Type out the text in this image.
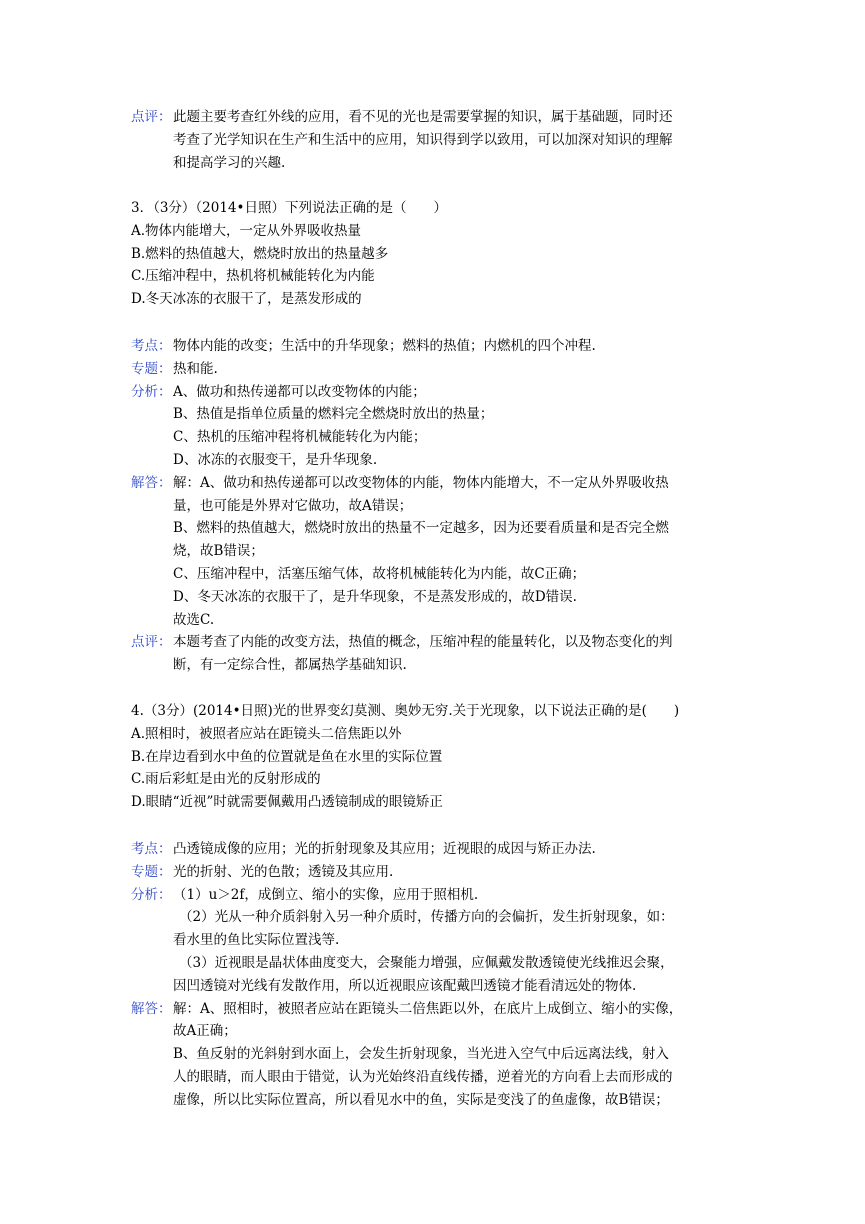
点评： 此题主要考查红外线的应用，看不见的光也是需要掌握的知识，属于基础题，同时还
考查了光学知识在生产和生活中的应用，知识得到学以致用，可以加深对知识的理解
和提高学习的兴趣.
3．（3分）（2014•日照）下列说法正确的是（　　）
A.物体内能增大，一定从外界吸收热量
B.燃料的热值越大，燃烧时放出的热量越多
C.压缩冲程中，热机将机械能转化为内能
D.冬天冰冻的衣服干了，是蒸发形成的
考点： 物体内能的改变；生活中的升华现象；燃料的热值；内燃机的四个冲程.
专题： 热和能.
分析： A、做功和热传递都可以改变物体的内能；
B、热值是指单位质量的燃料完全燃烧时放出的热量；
C、热机的压缩冲程将机械能转化为内能；
D、冰冻的衣服变干，是升华现象.
解答： 解：A、做功和热传递都可以改变物体的内能，物体内能增大，不一定从外界吸收热
量，也可能是外界对它做功，故A错误；
B、燃料的热值越大，燃烧时放出的热量不一定越多，因为还要看质量和是否完全燃
烧，故B错误；
C、压缩冲程中，活塞压缩气体，故将机械能转化为内能，故C正确；
D、冬天冰冻的衣服干了，是升华现象，不是蒸发形成的，故D错误.
故选C.
点评： 本题考查了内能的改变方法，热值的概念，压缩冲程的能量转化，以及物态变化的判
断，有一定综合性，都属热学基础知识.
4.（3分）(2014•日照)光的世界变幻莫测、奥妙无穷.关于光现象，以下说法正确的是(　　)
A.照相时，被照者应站在距镜头二倍焦距以外
B.在岸边看到水中鱼的位置就是鱼在水里的实际位置
C.雨后彩虹是由光的反射形成的
D.眼睛“近视”时就需要佩戴用凸透镜制成的眼镜矫正
考点： 凸透镜成像的应用；光的折射现象及其应用；近视眼的成因与矫正办法.
专题： 光的折射、光的色散；透镜及其应用.
分析： （1）u＞2f，成倒立、缩小的实像，应用于照相机.
（2）光从一种介质斜射入另一种介质时，传播方向的会偏折，发生折射现象，如：
看水里的鱼比实际位置浅等.
（3）近视眼是晶状体曲度变大，会聚能力增强，应佩戴发散透镜使光线推迟会聚，
因凹透镜对光线有发散作用，所以近视眼应该配戴凹透镜才能看清远处的物体.
解答： 解：A、照相时，被照者应站在距镜头二倍焦距以外，在底片上成倒立、缩小的实像，
故A正确；
B、鱼反射的光斜射到水面上，会发生折射现象，当光进入空气中后远离法线，射入
人的眼睛，而人眼由于错觉，认为光始终沿直线传播，逆着光的方向看上去而形成的
虚像，所以比实际位置高，所以看见水中的鱼，实际是变浅了的鱼虚像，故B错误；
